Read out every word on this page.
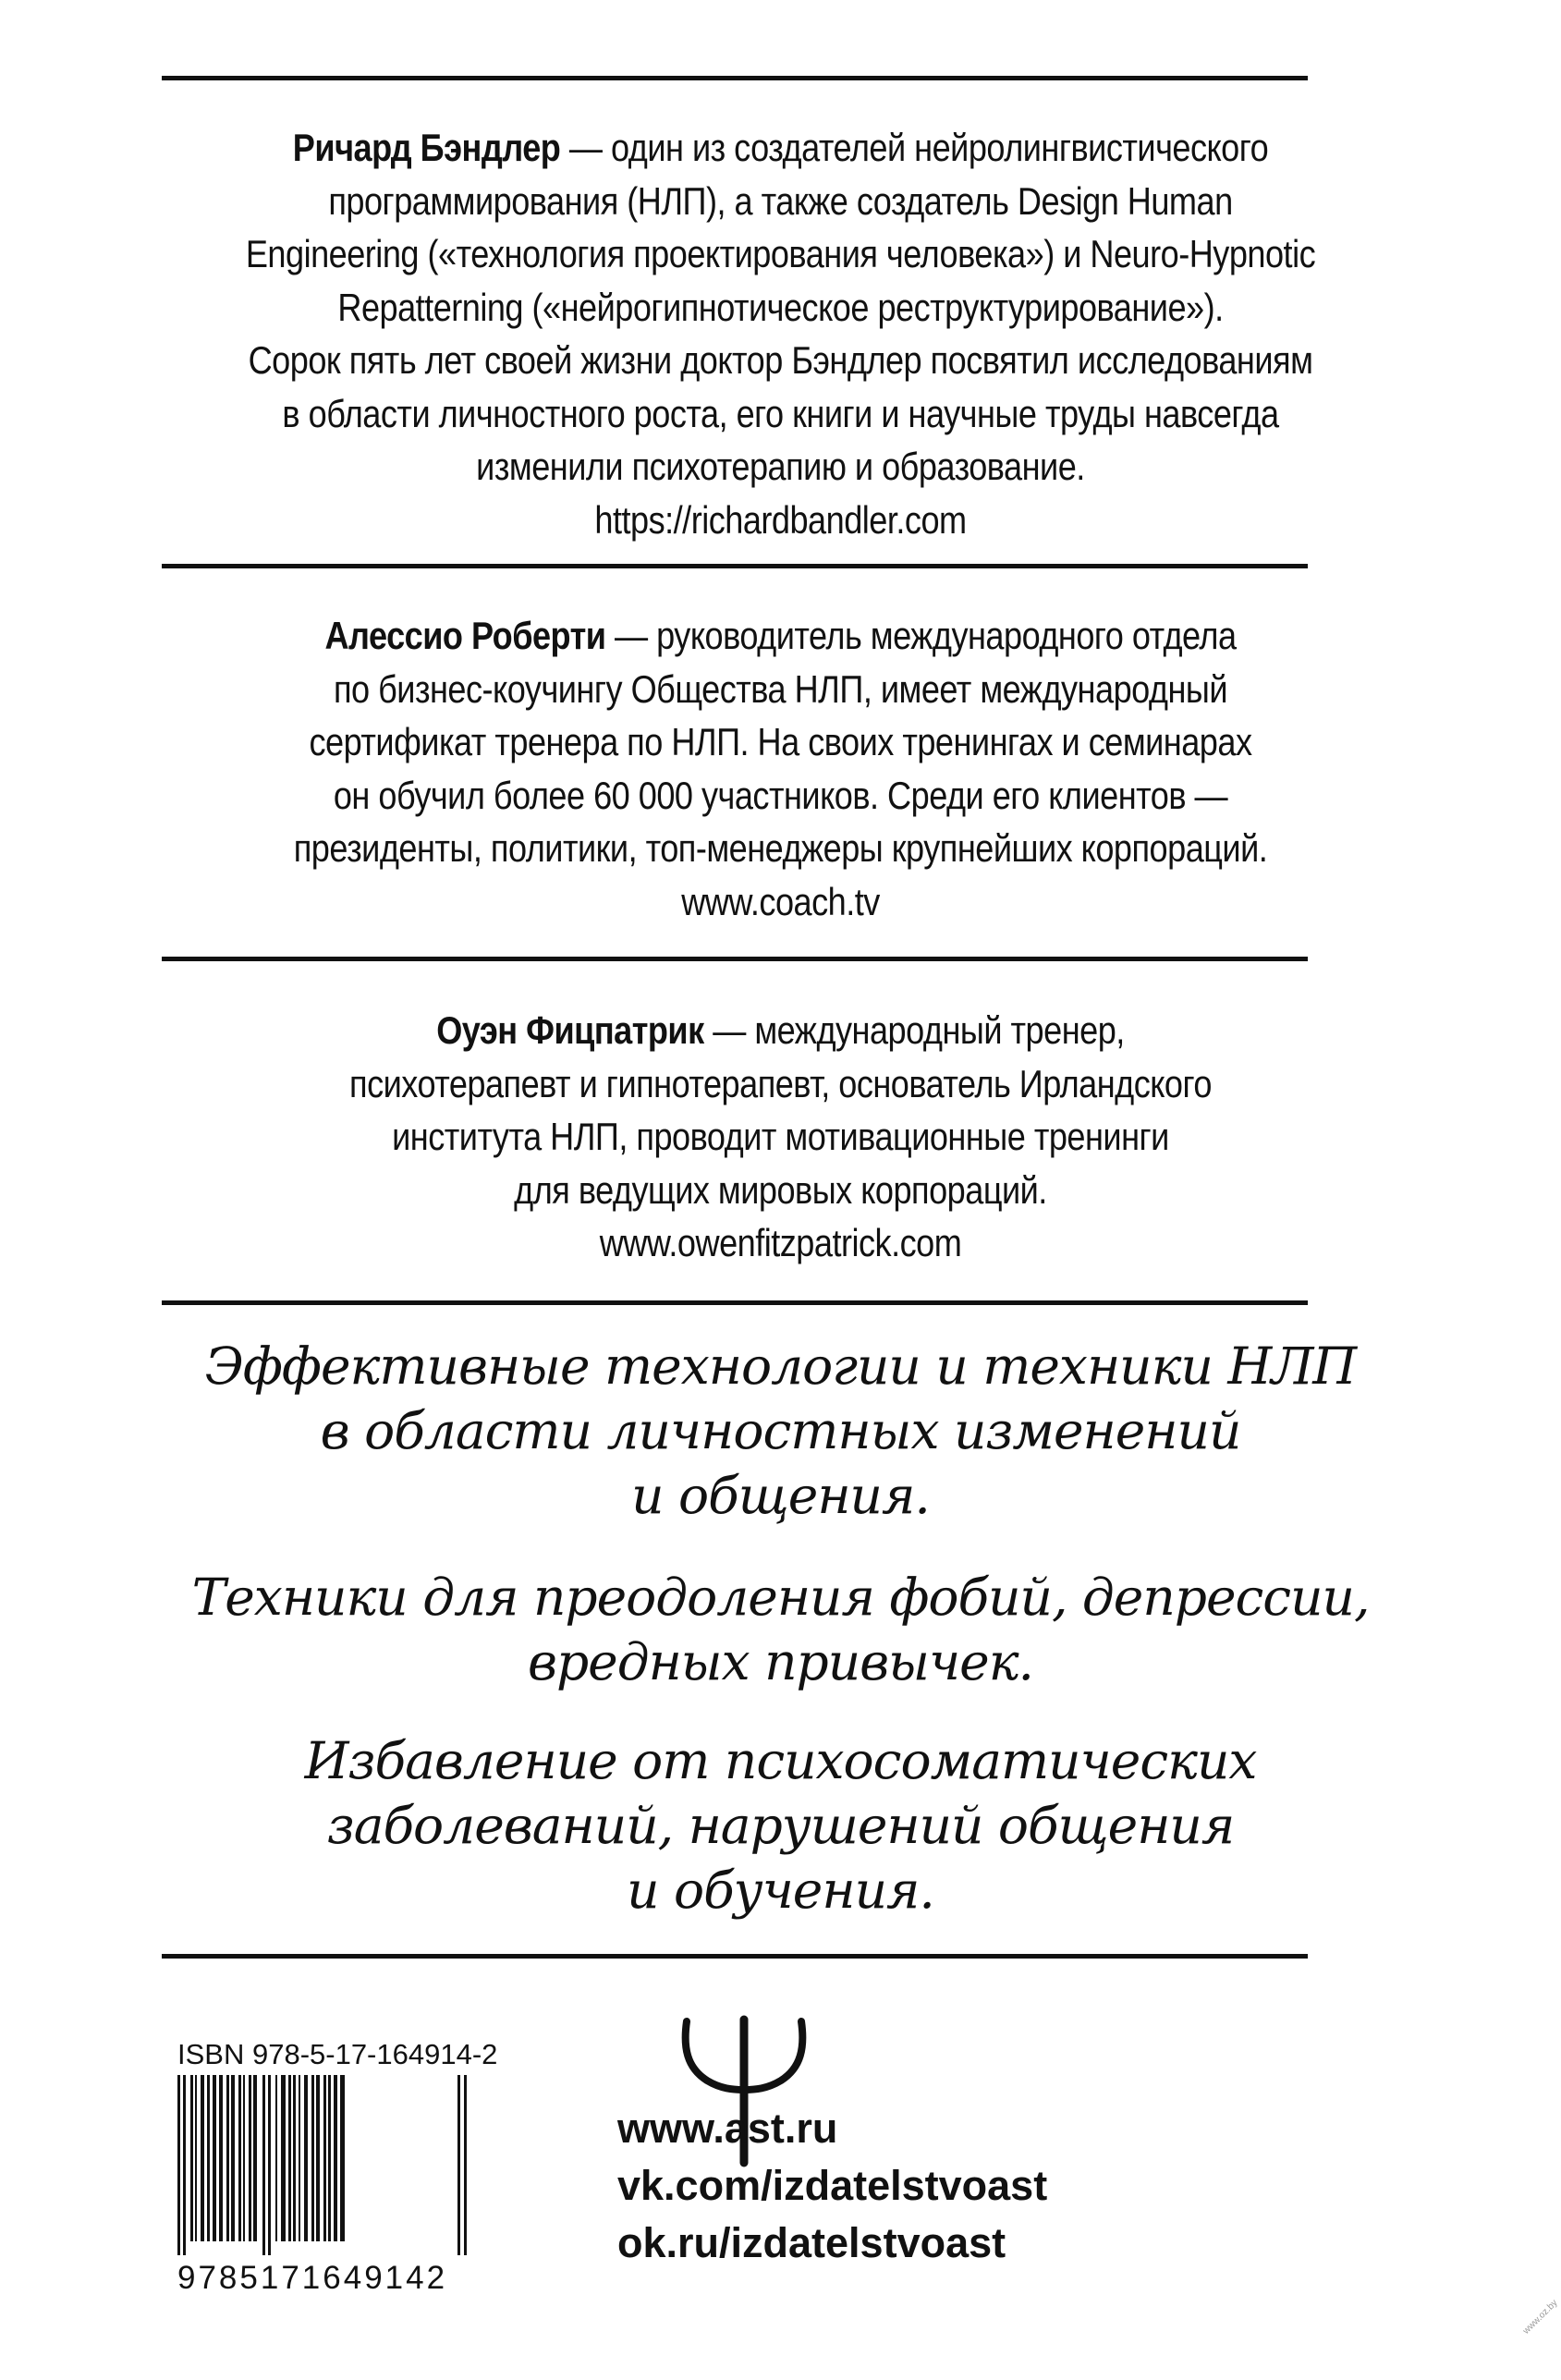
Ричард Бэндлер — один из создателей нейролингвистического
программирования (НЛП), а также создатель Design Human
Engineering («технология проектирования человека») и Neuro-Hypnotic
Repatterning («нейрогипнотическое реструктурирование»).
Сорок пять лет своей жизни доктор Бэндлер посвятил исследованиям
в области личностного роста, его книги и научные труды навсегда
изменили психотерапию и образование.
https://richardbandler.com
Алессио Роберти — руководитель международного отдела
по бизнес-коучингу Общества НЛП, имеет международный
сертификат тренера по НЛП. На своих тренингах и семинарах
он обучил более 60 000 участников. Среди его клиентов —
президенты, политики, топ-менеджеры крупнейших корпораций.
www.coach.tv
Оуэн Фицпатрик — международный тренер,
психотерапевт и гипнотерапевт, основатель Ирландского
института НЛП, проводит мотивационные тренинги
для ведущих мировых корпораций.
www.owenfitzpatrick.com
Эффективные технологии и техники НЛП
в области личностных изменений
и общения.
Техники для преодоления фобий, депрессии,
вредных привычек.
Избавление от психосоматических
заболеваний, нарушений общения
и обучения.
ISBN 978-5-17-164914-2
9785171649142
www.ast.ru
vk.com/izdatelstvoast
ok.ru/izdatelstvoast
www.oz.by
